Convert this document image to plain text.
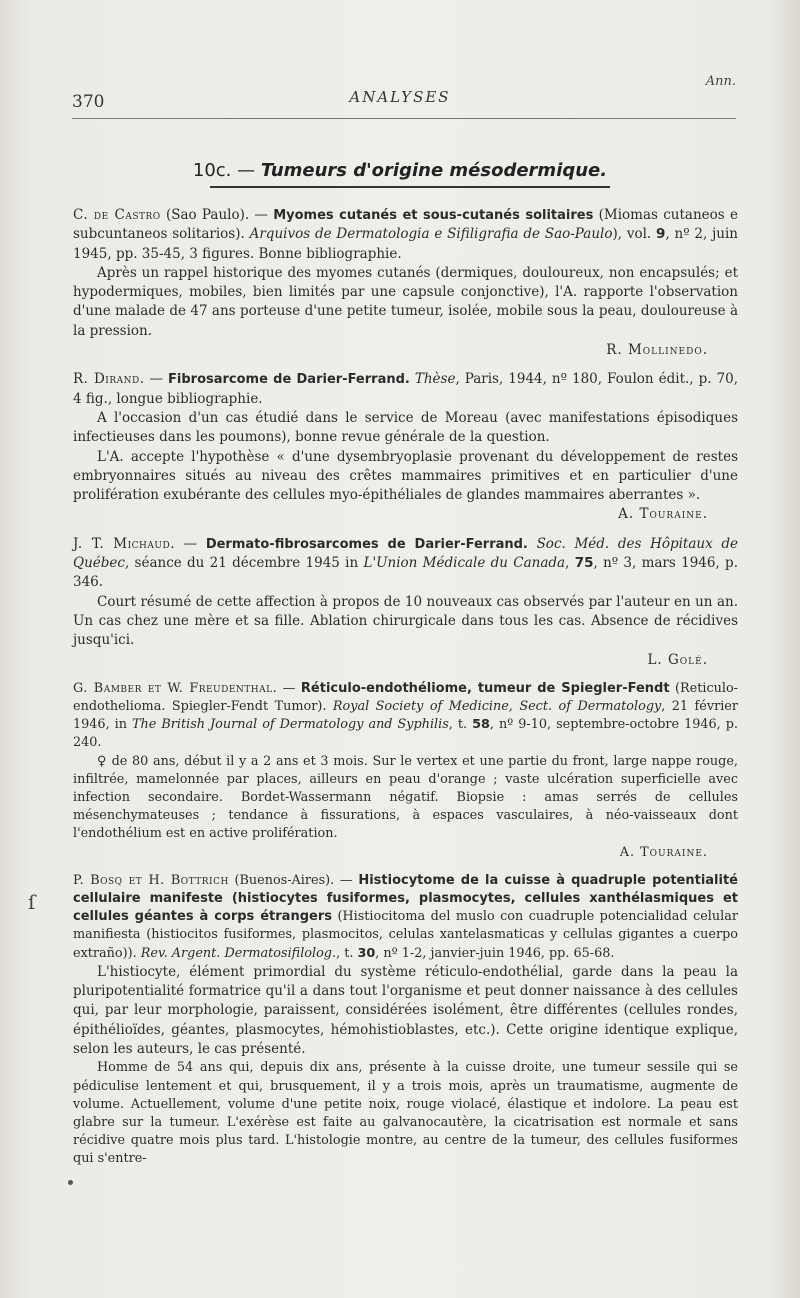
Ann.
370	ANALYSES
10c. — Tumeurs d'origine mésodermique.
C. de Castro (Sao Paulo). — Myomes cutanés et sous-cutanés solitaires (Miomas cutaneos e subcuntaneos solitarios). Arquivos de Dermatologia e Sifiligrafia de Sao-Paulo), vol. 9, nº 2, juin 1945, pp. 35-45, 3 figures. Bonne bibliographie.

Après un rappel historique des myomes cutanés (dermiques, douloureux, non encapsulés; et hypodermiques, mobiles, bien limités par une capsule conjonctive), l'A. rapporte l'observation d'une malade de 47 ans porteuse d'une petite tumeur, isolée, mobile sous la peau, douloureuse à la pression.

R. Mollinedo.
R. Dirand. — Fibrosarcome de Darier-Ferrand. Thèse, Paris, 1944, nº 180, Foulon édit., p. 70, 4 fig., longue bibliographie.

A l'occasion d'un cas étudié dans le service de Moreau (avec manifestations épisodiques infectieuses dans les poumons), bonne revue générale de la question.

L'A. accepte l'hypothèse « d'une dysembryoplasie provenant du développement de restes embryonnaires situés au niveau des crêtes mammaires primitives et en particulier d'une prolifération exubérante des cellules myo-épithéliales de glandes mammaires aberrantes ».

A. Touraine.
J. T. Michaud. — Dermato-fibrosarcomes de Darier-Ferrand. Soc. Méd. des Hôpitaux de Québec, séance du 21 décembre 1945 in L'Union Médicale du Canada, 75, nº 3, mars 1946, p. 346.

Court résumé de cette affection à propos de 10 nouveaux cas observés par l'auteur en un an. Un cas chez une mère et sa fille. Ablation chirurgicale dans tous les cas. Absence de récidives jusqu'ici.

L. Golé.
G. Bamber et W. Freudenthal. — Réticulo-endothéliome, tumeur de Spiegler-Fendt (Reticulo-endothelioma. Spiegler-Fendt Tumor). Royal Society of Medicine, Sect. of Dermatology, 21 février 1946, in The British Journal of Dermatology and Syphilis, t. 58, nº 9-10, septembre-octobre 1946, p. 240.

♀ de 80 ans, début il y a 2 ans et 3 mois. Sur le vertex et une partie du front, large nappe rouge, infiltrée, mamelonnée par places, ailleurs en peau d'orange ; vaste ulcération superficielle avec infection secondaire. Bordet-Wassermann négatif. Biopsie : amas serrés de cellules mésenchymateuses ; tendance à fissurations, à espaces vasculaires, à néo-vaisseaux dont l'endothélium est en active prolifération.

A. Touraine.
P. Bosq et H. Bottrich (Buenos-Aires). — Histiocytome de la cuisse à quadruple potentialité cellulaire manifeste (histiocytes fusiformes, plasmocytes, cellules xanthélasmiques et cellules géantes à corps étrangers (Histiocitoma del muslo con cuadruple potencialidad celular manifiesta (histiocitos fusiformes, plasmocitos, celulas xantelasmaticas y cellulas gigantes a cuerpo extraño)). Rev. Argent. Dermatosifilolog., t. 30, nº 1-2, janvier-juin 1946, pp. 65-68.

L'histiocyte, élément primordial du système réticulo-endothélial, garde dans la peau la pluripotentialité formatrice qu'il a dans tout l'organisme et peut donner naissance à des cellules qui, par leur morphologie, paraissent, considérées isolément, être différentes (cellules rondes, épithélioïdes, géantes, plasmocytes, hémohistioblastes, etc.). Cette origine identique explique, selon les auteurs, le cas présenté.

Homme de 54 ans qui, depuis dix ans, présente à la cuisse droite, une tumeur sessile qui se pédiculise lentement et qui, brusquement, il y a trois mois, après un traumatisme, augmente de volume. Actuellement, volume d'une petite noix, rouge violacé, élastique et indolore. La peau est glabre sur la tumeur. L'exérèse est faite au galvanocautère, la cicatrisation est normale et sans récidive quatre mois plus tard. L'histologie montre, au centre de la tumeur, des cellules fusiformes qui s'entre-

ſ
